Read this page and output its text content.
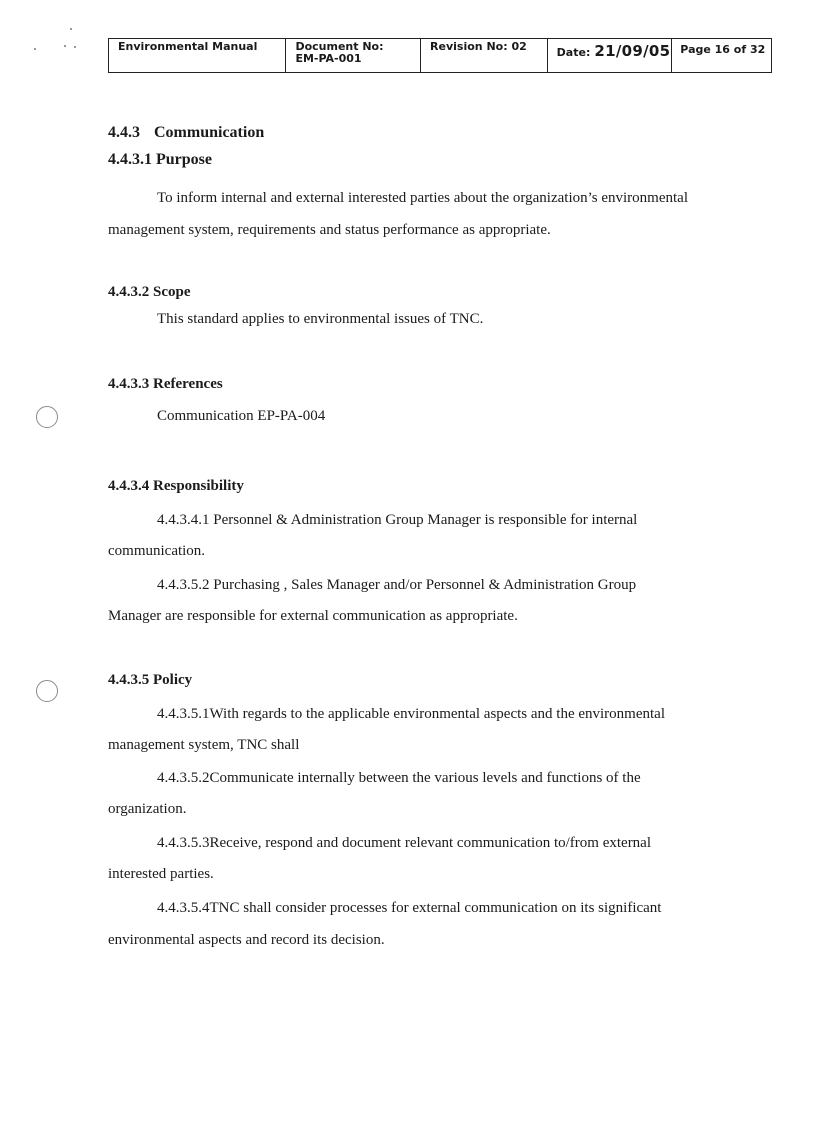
Environmental Manual	Document No:
EM-PA-001
Revision No: 02	Date: 21/09/05 Page 16 of 32
4.4.3 Communication
4.4.3.1 Purpose
To inform internal and external interested parties about the organization’s environmental
management system, requirements and status performance as appropriate.
4.4.3.2 Scope
This standard applies to environmental issues of TNC.
4.4.3.3 References
Communication EP-PA-004
4.4.3.4 Responsibility
4.4.3.4.1 Personnel & Administration Group Manager is responsible for internal
communication.
4.4.3.5.2 Purchasing , Sales Manager and/or Personnel & Administration Group
Manager are responsible for external communication as appropriate.
4.4.3.5 Policy
4.4.3.5.1With regards to the applicable environmental aspects and the environmental
management system, TNC shall
4.4.3.5.2Communicate internally between the various levels and functions of the
organization.
4.4.3.5.3Receive, respond and document relevant communication to/from external
interested parties.
4.4.3.5.4TNC shall consider processes for external communication on its significant
environmental aspects and record its decision.
